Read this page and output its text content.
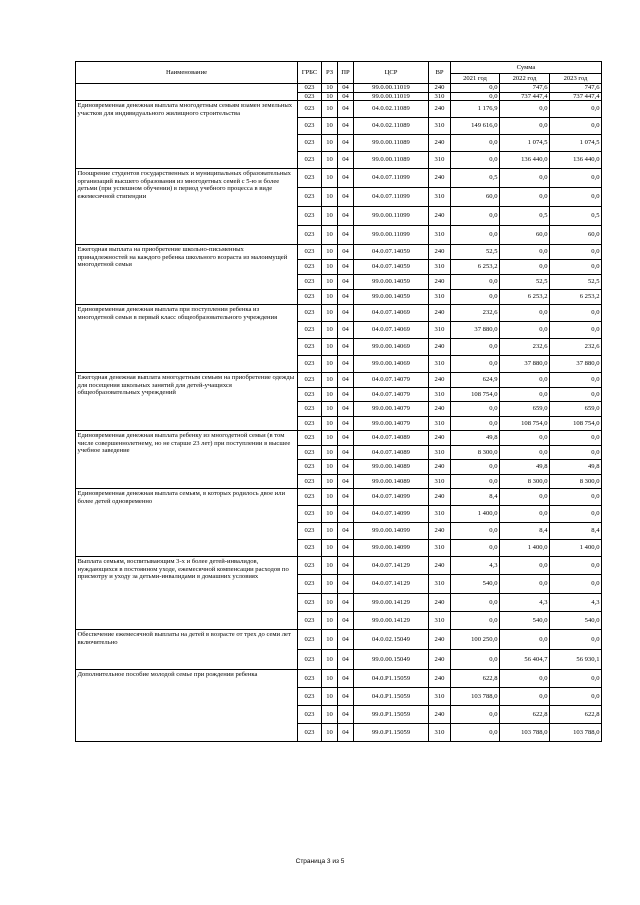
Наименование	ГРБС	РЗ	ПР	ЦСР	ВР	Сумма		
						2021 год	2022 год	2023 год
	023	10	04	99.0.00.11019	240	0,0	747,6	747,6
	023	10	04	99.0.00.11019	310	0,0	737 447,4	737 447,4
Единовременная денежная выплата многодетным семьям взамен земельных участков для индивидуального жилищного строительства	023	10	04	04.0.02.11089	240	1 176,9	0,0	0,0
	023	10	04	04.0.02.11089	310	149 616,0	0,0	0,0
	023	10	04	99.0.00.11089	240	0,0	1 074,5	1 074,5
	023	10	04	99.0.00.11089	310	0,0	136 440,0	136 440,0
Поощрение студентов государственных и муниципальных образовательных организаций высшего образования из многодетных семей с 5-ю и более детьми (при успешном обучении) в период учебного процесса в виде ежемесячной стипендии	023	10	04	04.0.07.11099	240	0,5	0,0	0,0
	023	10	04	04.0.07.11099	310	60,0	0,0	0,0
	023	10	04	99.0.00.11099	240	0,0	0,5	0,5
	023	10	04	99.0.00.11099	310	0,0	60,0	60,0
Ежегодная выплата на приобретение школьно-письменных принадлежностей на каждого ребенка школьного возраста из малоимущей многодетной семьи	023	10	04	04.0.07.14059	240	52,5	0,0	0,0
	023	10	04	04.0.07.14059	310	6 253,2	0,0	0,0
	023	10	04	99.0.00.14059	240	0,0	52,5	52,5
	023	10	04	99.0.00.14059	310	0,0	6 253,2	6 253,2
Единовременная денежная выплата при поступлении ребенка из многодетной семьи в первый класс общеобразовательного учреждения	023	10	04	04.0.07.14069	240	232,6	0,0	0,0
	023	10	04	04.0.07.14069	310	37 880,0	0,0	0,0
	023	10	04	99.0.00.14069	240	0,0	232,6	232,6
	023	10	04	99.0.00.14069	310	0,0	37 880,0	37 880,0
Ежегодная денежная выплата многодетным семьям на приобретение одежды для посещения школьных занятий для детей-учащихся общеобразовательных учреждений	023	10	04	04.0.07.14079	240	624,9	0,0	0,0
	023	10	04	04.0.07.14079	310	108 754,0	0,0	0,0
	023	10	04	99.0.00.14079	240	0,0	659,0	659,0
	023	10	04	99.0.00.14079	310	0,0	108 754,0	108 754,0
Единовременная денежная выплата ребенку из многодетной семьи (в том числе совершеннолетнему, но не старше 23 лет) при поступлении в высшее учебное заведение	023	10	04	04.0.07.14089	240	49,8	0,0	0,0
	023	10	04	04.0.07.14089	310	8 300,0	0,0	0,0
	023	10	04	99.0.00.14089	240	0,0	49,8	49,8
	023	10	04	99.0.00.14089	310	0,0	8 300,0	8 300,0
Единовременная денежная выплата семьям, в которых родилось двое или более детей одновременно	023	10	04	04.0.07.14099	240	8,4	0,0	0,0
	023	10	04	04.0.07.14099	310	1 400,0	0,0	0,0
	023	10	04	99.0.00.14099	240	0,0	8,4	8,4
	023	10	04	99.0.00.14099	310	0,0	1 400,0	1 400,0
Выплата семьям, воспитывающим 3-х и более детей-инвалидов, нуждающихся в постоянном уходе, ежемесячной компенсации расходов по присмотру и уходу за детьми-инвалидами в домашних условиях	023	10	04	04.0.07.14129	240	4,3	0,0	0,0
	023	10	04	04.0.07.14129	310	540,0	0,0	0,0
	023	10	04	99.0.00.14129	240	0,0	4,3	4,3
	023	10	04	99.0.00.14129	310	0,0	540,0	540,0
Обеспечение ежемесячной выплаты на детей в возрасте от трех до семи лет включительно	023	10	04	04.0.02.15049	240	100 250,0	0,0	0,0
	023	10	04	99.0.00.15049	240	0,0	56 404,7	56 930,1
Дополнительное пособие молодой семье при рождении ребенка	023	10	04	04.0.P1.15059	240	622,8	0,0	0,0
	023	10	04	04.0.P1.15059	310	103 788,0	0,0	0,0
	023	10	04	99.0.P1.15059	240	0,0	622,8	622,8
	023	10	04	99.0.P1.15059	310	0,0	103 788,0	103 788,0
Страница 3 из 5
